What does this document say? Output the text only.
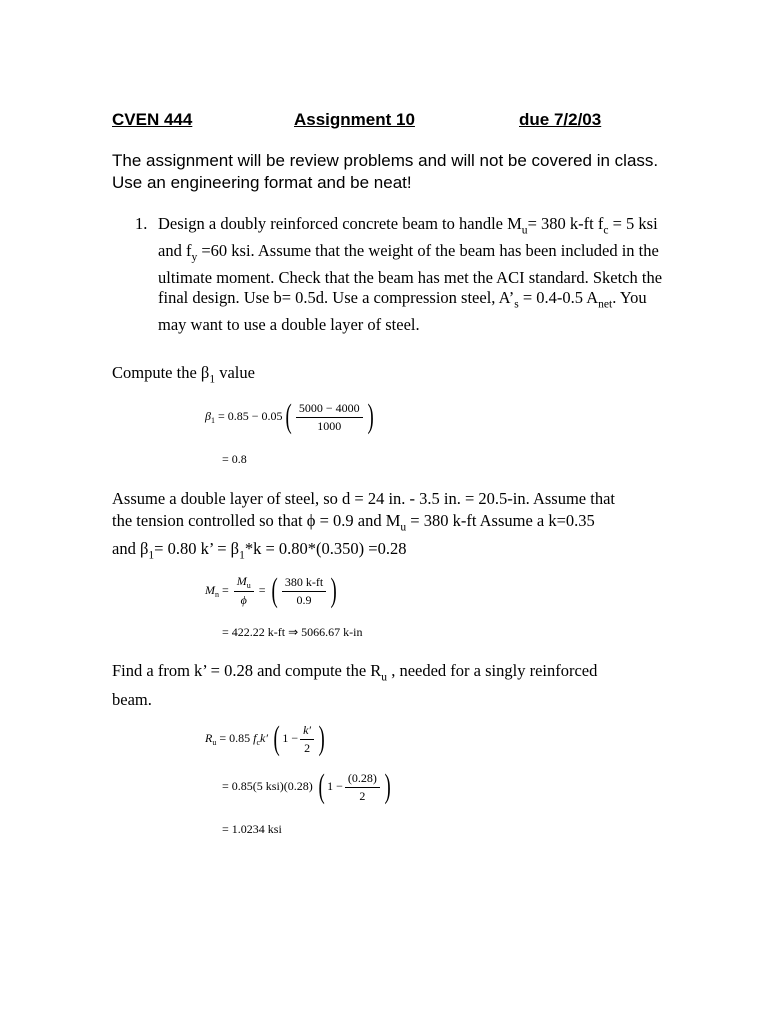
CVEN 444	Assignment 10	due 7/2/03
The assignment will be review problems and will not be covered in class. Use an engineering format and be neat!
1. Design a doubly reinforced concrete beam to handle $M_u= 380$ k-ft $f_c = 5$ ksi and $f_y =60$ ksi. Assume that the weight of the beam has been included in the ultimate moment. Check that the beam has met the ACI standard. Sketch the final design. Use b= 0.5d. Use a compression steel, $A’_s = 0.4-0.5$ $A_{net}$. You may want to use a double layer of steel.
Compute the $\beta_1$ value
$\beta_1 = 0.85 - 0.05( \frac{5000 - 4000}{1000}$ )
= 0.8
Assume a double layer of steel, so d = 24 in. - 3.5 in. = 20.5-in. Assume that
the tension controlled so that ϕ = 0.9 and $M_u = 380$ k-ft Assume a k=0.35
and $\beta_1= 0.80$ k’ = $\beta_1*k = 0.80*(0.350) =0.28$
$M_n = \frac{M_u}{\phi}$ = ( $\frac{380 k-ft}{0.9}$ )
= 422.22 k-ft ⇒ 5066.67 k-in
Find a from k’ = 0.28 and compute the $R_u$ , needed for a singly reinforced
beam.
$R_u = 0.85$ $f_ck'$ ( $1 - \frac{k'}{2}$ )
= 0.85(5 ksi)(0.28) ( $1 - \frac{(0.28)}{2}$ )
= 1.0234 ksi
